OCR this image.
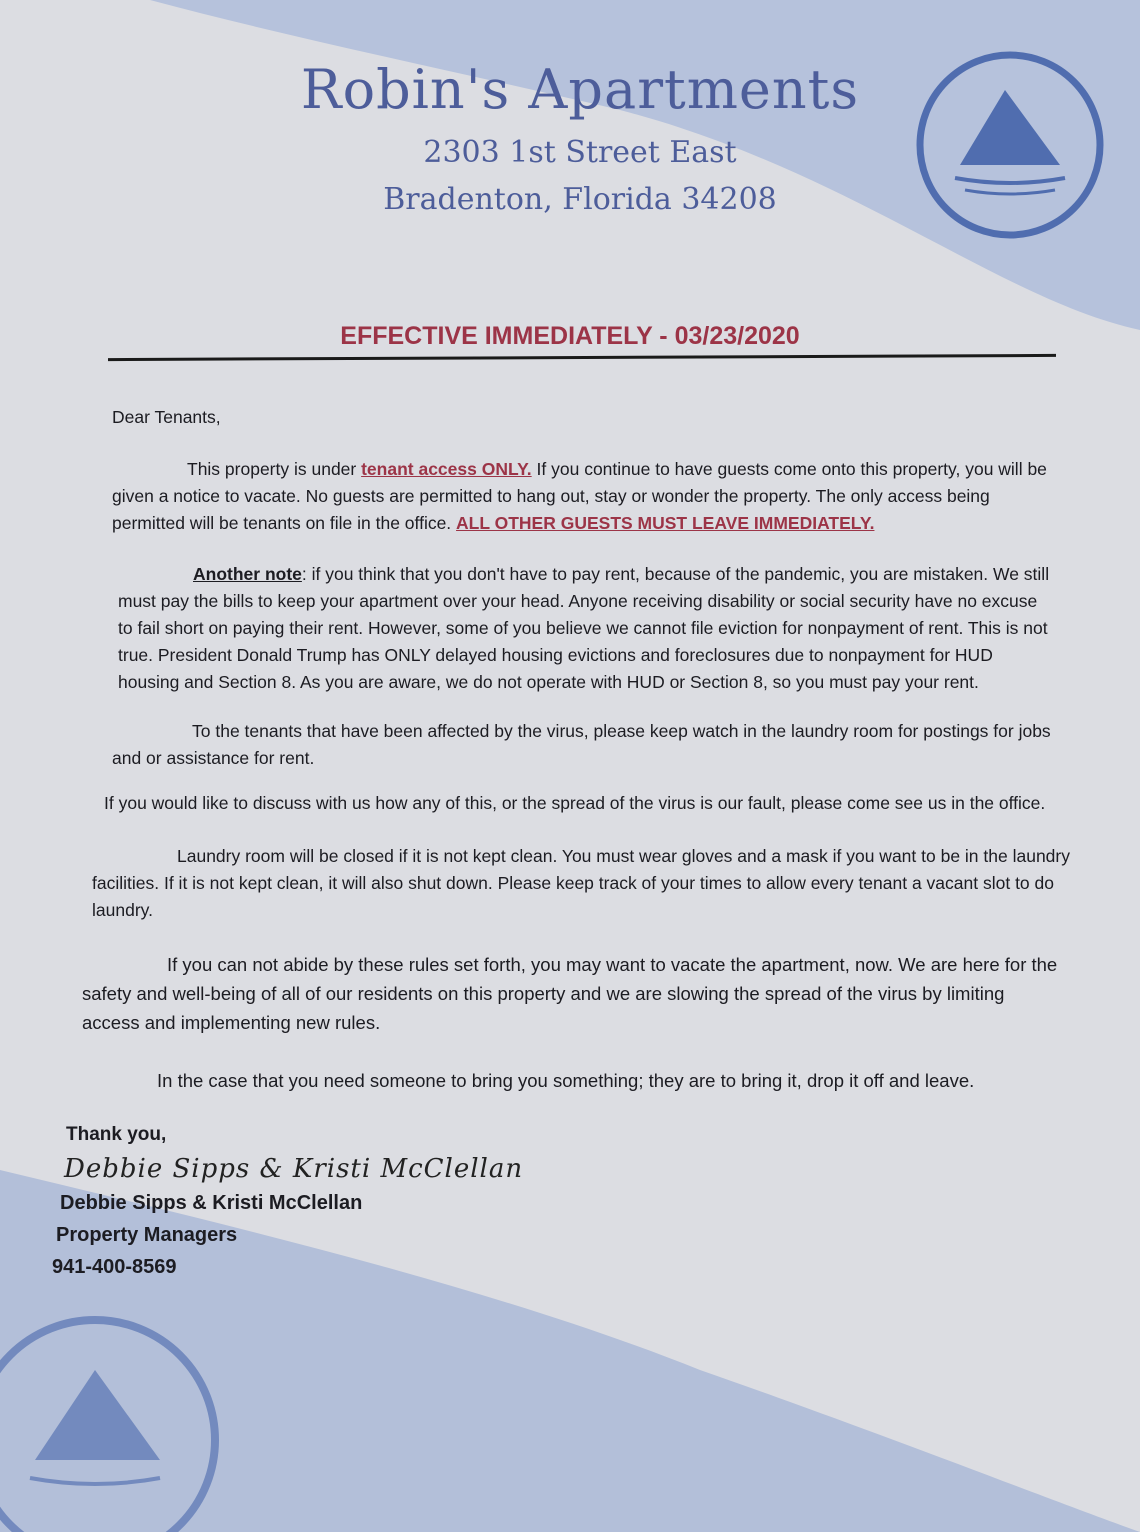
Robin's Apartments
2303 1st Street East
Bradenton, Florida 34208
EFFECTIVE IMMEDIATELY - 03/23/2020

Dear Tenants,

This property is under tenant access ONLY. If you continue to have guests come onto this property, you will be given a notice to vacate. No guests are permitted to hang out, stay or wonder the property. The only access being permitted will be tenants on file in the office. ALL OTHER GUESTS MUST LEAVE IMMEDIATELY.

Another note: if you think that you don't have to pay rent, because of the pandemic, you are mistaken. We still must pay the bills to keep your apartment over your head. Anyone receiving disability or social security have no excuse to fail short on paying their rent. However, some of you believe we cannot file eviction for nonpayment of rent. This is not true. President Donald Trump has ONLY delayed housing evictions and foreclosures due to nonpayment for HUD housing and Section 8. As you are aware, we do not operate with HUD or Section 8, so you must pay your rent.

To the tenants that have been affected by the virus, please keep watch in the laundry room for postings for jobs and or assistance for rent.

If you would like to discuss with us how any of this, or the spread of the virus is our fault, please come see us in the office.

Laundry room will be closed if it is not kept clean. You must wear gloves and a mask if you want to be in the laundry facilities. If it is not kept clean, it will also shut down. Please keep track of your times to allow every tenant a vacant slot to do laundry.

If you can not abide by these rules set forth, you may want to vacate the apartment, now. We are here for the safety and well-being of all of our residents on this property and we are slowing the spread of the virus by limiting access and implementing new rules.

In the case that you need someone to bring you something; they are to bring it, drop it off and leave.

Thank you,
Debbie Sipps & Kristi McClellan
Debbie Sipps & Kristi McClellan
Property Managers
941-400-8569
